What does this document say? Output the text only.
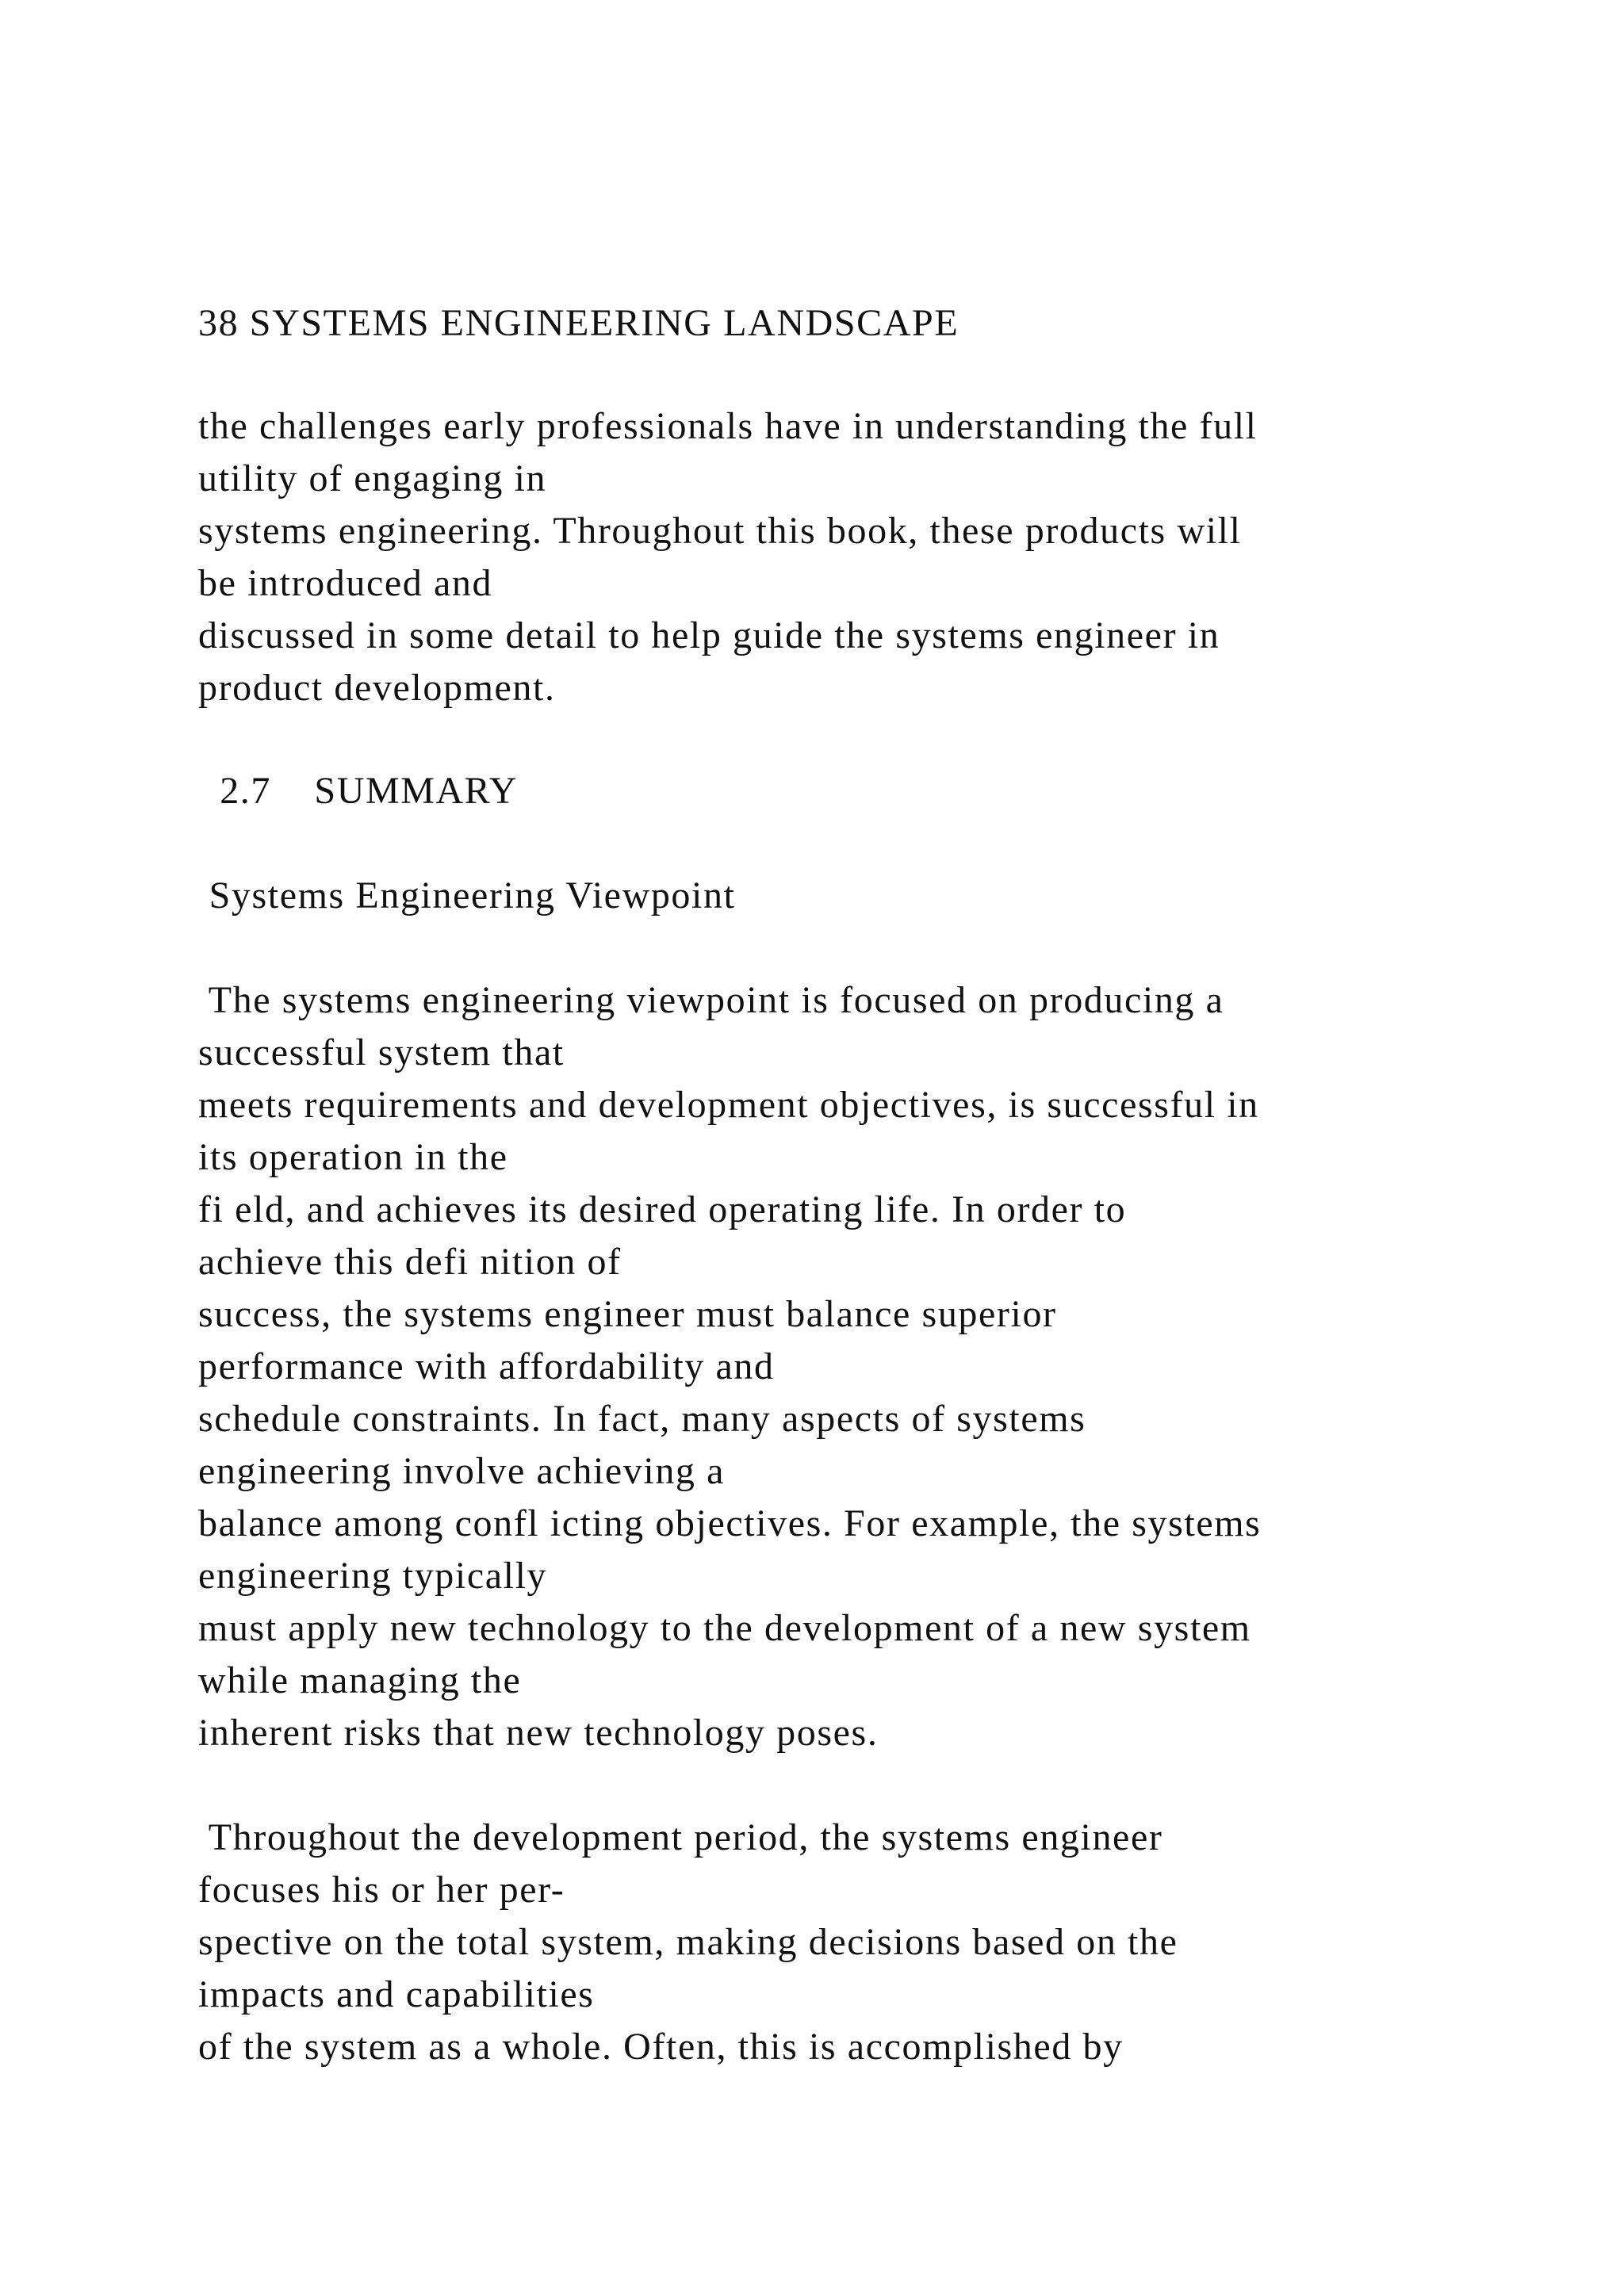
38 SYSTEMS ENGINEERING LANDSCAPE
the challenges early professionals have in understanding the full
utility of engaging in
systems engineering. Throughout this book, these products will
be introduced and
discussed in some detail to help guide the systems engineer in
product development.
2.7    SUMMARY
Systems Engineering Viewpoint
The systems engineering viewpoint is focused on producing a
successful system that
meets requirements and development objectives, is successful in
its operation in the
fi eld, and achieves its desired operating life. In order to
achieve this defi nition of
success, the systems engineer must balance superior
performance with affordability and
schedule constraints. In fact, many aspects of systems
engineering involve achieving a
balance among confl icting objectives. For example, the systems
engineering typically
must apply new technology to the development of a new system
while managing the
inherent risks that new technology poses.
Throughout the development period, the systems engineer
focuses his or her per-
spective on the total system, making decisions based on the
impacts and capabilities
of the system as a whole. Often, this is accomplished by
